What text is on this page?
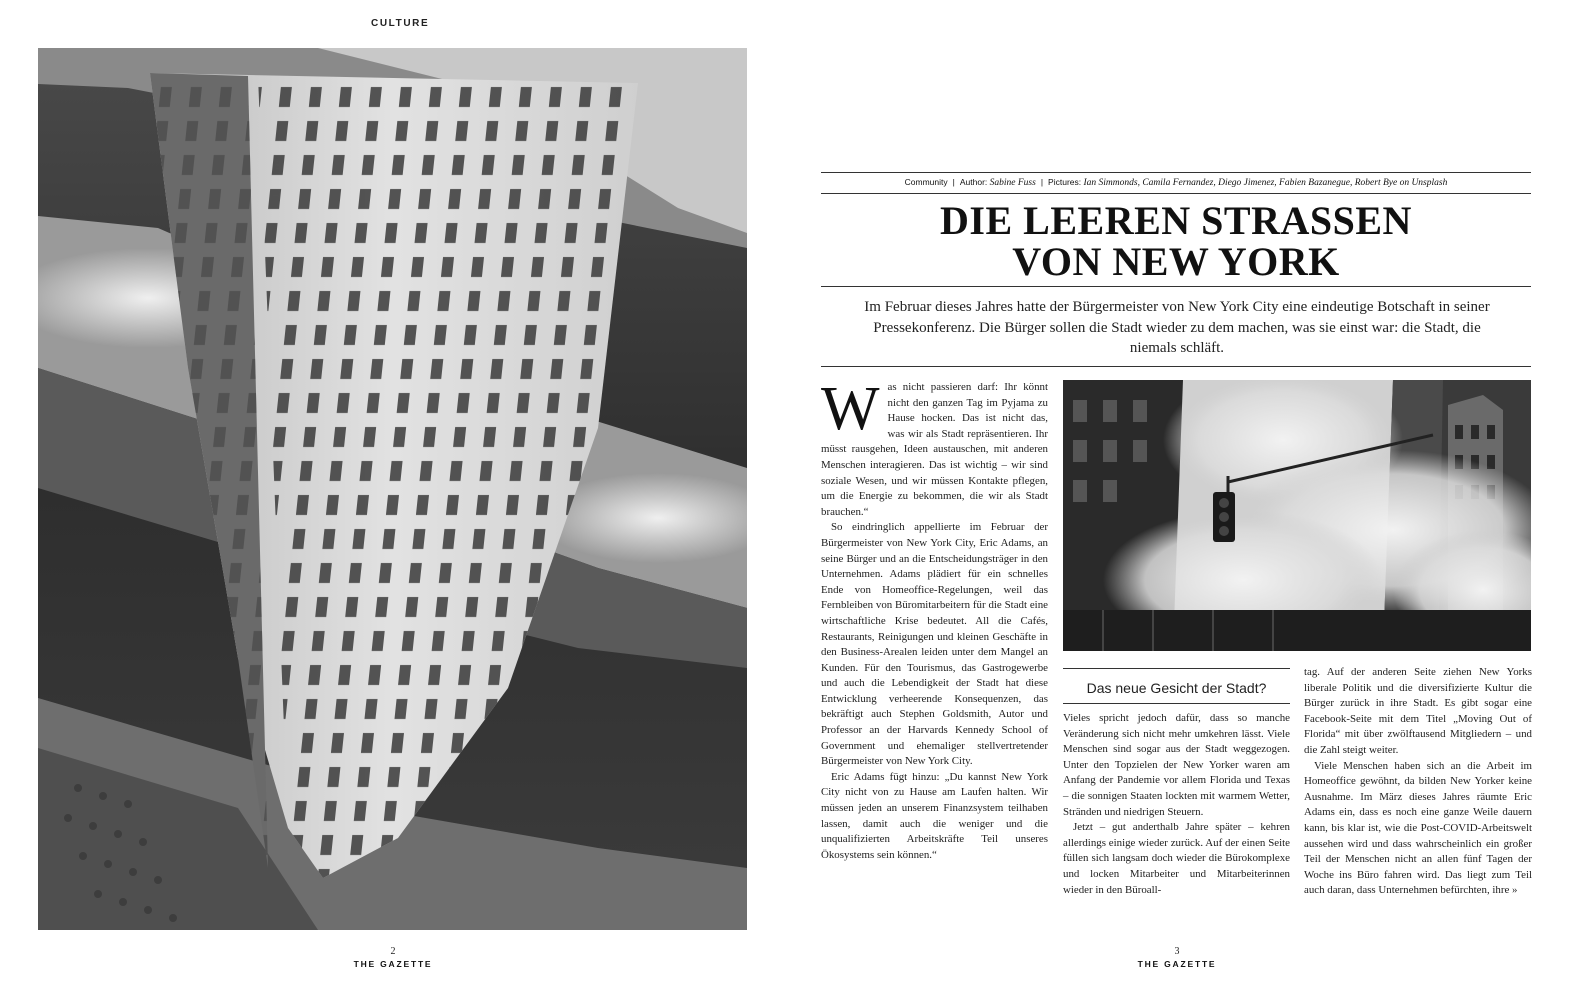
CULTURE
2
THE GAZETTE
Community | Author: Sabine Fuss | Pictures: Ian Simmonds, Camila Fernandez, Diego Jimenez, Fabien Bazanegue, Robert Bye on Unsplash
DIE LEEREN STRASSEN
VON NEW YORK

Im Februar dieses Jahres hatte der Bürgermeister von New York City eine eindeutige Botschaft in seiner Pressekonferenz. Die Bürger sollen die Stadt wieder zu dem machen, was sie einst war: die Stadt, die niemals schläft.

Was nicht passieren darf: Ihr könnt nicht den ganzen Tag im Pyjama zu Hause hocken. Das ist nicht das, was wir als Stadt repräsentieren. Ihr müsst rausgehen, Ideen austauschen, mit anderen Menschen interagieren. Das ist wichtig – wir sind soziale Wesen, und wir müssen Kontakte pflegen, um die Energie zu bekommen, die wir als Stadt brauchen.“

So eindringlich appellierte im Februar der Bürgermeister von New York City, Eric Adams, an seine Bürger und an die Entscheidungsträger in den Unternehmen. Adams plädiert für ein schnelles Ende von Homeoffice-Regelungen, weil das Fernbleiben von Büromitarbeitern für die Stadt eine wirtschaftliche Krise bedeutet. All die Cafés, Restaurants, Reinigungen und kleinen Geschäfte in den Business-Arealen leiden unter dem Mangel an Kunden. Für den Tourismus, das Gastrogewerbe und auch die Lebendigkeit der Stadt hat diese Entwicklung verheerende Konsequenzen, das bekräftigt auch Stephen Goldsmith, Autor und Professor an der Harvards Kennedy School of Government und ehemaliger stellvertretender Bürgermeister von New York City.

Eric Adams fügt hinzu: „Du kannst New York City nicht von zu Hause am Laufen halten. Wir müssen jeden an unserem Finanzsystem teilhaben lassen, damit auch die weniger und die unqualifizierten Arbeitskräfte Teil unseres Ökosystems sein können.“

Das neue Gesicht der Stadt?

Vieles spricht jedoch dafür, dass so manche Veränderung sich nicht mehr umkehren lässt. Viele Menschen sind sogar aus der Stadt weggezogen. Unter den Topzielen der New Yorker waren am Anfang der Pandemie vor allem Florida und Texas – die sonnigen Staaten lockten mit warmem Wetter, Stränden und niedrigen Steuern.

Jetzt – gut anderthalb Jahre später – kehren allerdings einige wieder zurück. Auf der einen Seite füllen sich langsam doch wieder die Bürokomplexe und locken Mitarbeiter und Mitarbeiterinnen wieder in den Büroall-

tag. Auf der anderen Seite ziehen New Yorks liberale Politik und die diversifizierte Kultur die Bürger zurück in ihre Stadt. Es gibt sogar eine Facebook-Seite mit dem Titel „Moving Out of Florida“ mit über zwölftausend Mitgliedern – und die Zahl steigt weiter.

Viele Menschen haben sich an die Arbeit im Homeoffice gewöhnt, da bilden New Yorker keine Ausnahme. Im März dieses Jahres räumte Eric Adams ein, dass es noch eine ganze Weile dauern kann, bis klar ist, wie die Post-COVID-Arbeitswelt aussehen wird und dass wahrscheinlich ein großer Teil der Menschen nicht an allen fünf Tagen der Woche ins Büro fahren wird. Das liegt zum Teil auch daran, dass Unternehmen befürchten, ihre »

3
THE GAZETTE
